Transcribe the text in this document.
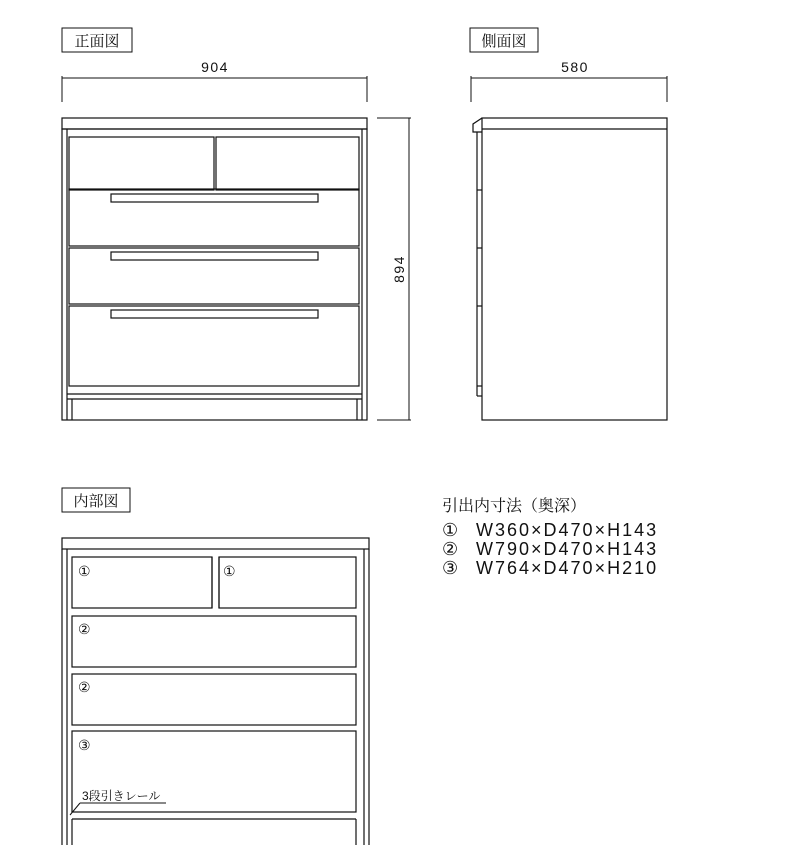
正面図
904
894
側面図
580
内部図
①	①
②
②
③
3段引きレール
引出内寸法（奥深）
① W360×D470×H143
② W790×D470×H143
③ W764×D470×H210
